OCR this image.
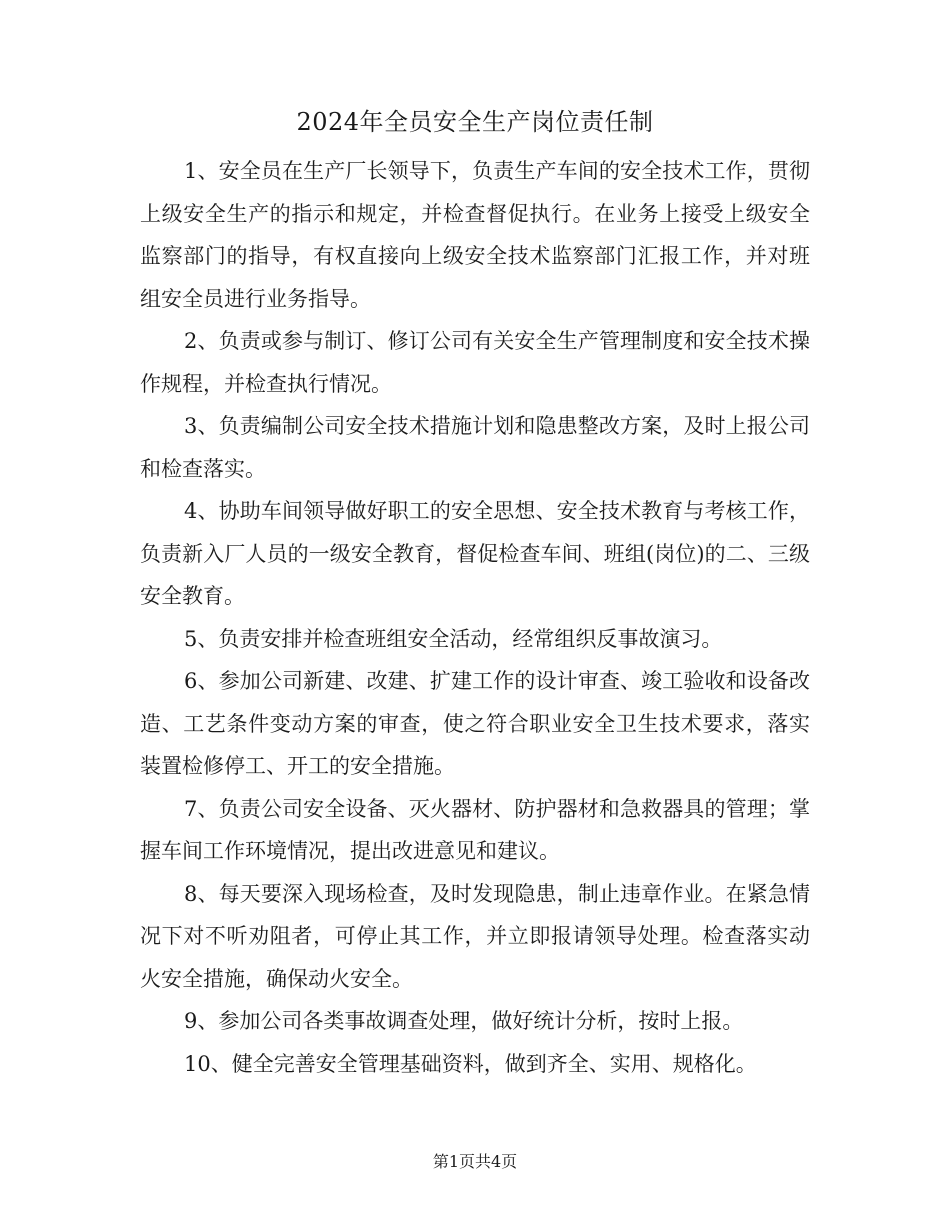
2024年全员安全生产岗位责任制

1、安全员在生产厂长领导下，负责生产车间的安全技术工作，贯彻上级安全生产的指示和规定，并检查督促执行。在业务上接受上级安全监察部门的指导，有权直接向上级安全技术监察部门汇报工作，并对班组安全员进行业务指导。

2、负责或参与制订、修订公司有关安全生产管理制度和安全技术操作规程，并检查执行情况。

3、负责编制公司安全技术措施计划和隐患整改方案，及时上报公司和检查落实。

4、协助车间领导做好职工的安全思想、安全技术教育与考核工作，负责新入厂人员的一级安全教育，督促检查车间、班组(岗位)的二、三级安全教育。

5、负责安排并检查班组安全活动，经常组织反事故演习。

6、参加公司新建、改建、扩建工作的设计审查、竣工验收和设备改造、工艺条件变动方案的审查，使之符合职业安全卫生技术要求，落实装置检修停工、开工的安全措施。

7、负责公司安全设备、灭火器材、防护器材和急救器具的管理；掌握车间工作环境情况，提出改进意见和建议。

8、每天要深入现场检查，及时发现隐患，制止违章作业。在紧急情况下对不听劝阻者，可停止其工作，并立即报请领导处理。检查落实动火安全措施，确保动火安全。

9、参加公司各类事故调查处理，做好统计分析，按时上报。

10、健全完善安全管理基础资料，做到齐全、实用、规格化。

第1页共4页
